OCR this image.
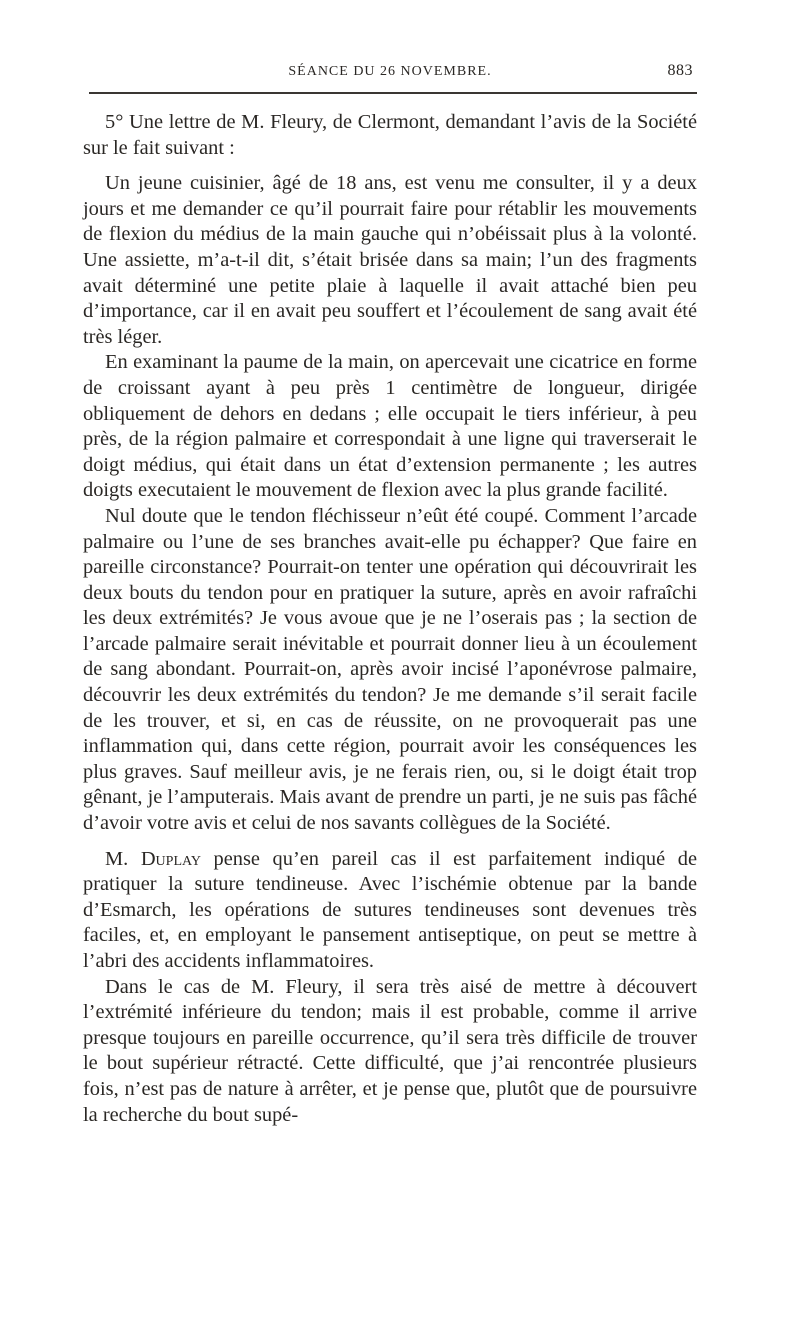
SÉANCE DU 26 NOVEMBRE.	883

5° Une lettre de M. Fleury, de Clermont, demandant l’avis de la Société sur le fait suivant :

Un jeune cuisinier, âgé de 18 ans, est venu me consulter, il y a deux jours et me demander ce qu’il pourrait faire pour rétablir les mouvements de flexion du médius de la main gauche qui n’obéissait plus à la volonté. Une assiette, m’a-t-il dit, s’était brisée dans sa main; l’un des fragments avait déterminé une petite plaie à laquelle il avait attaché bien peu d’importance, car il en avait peu souffert et l’écoulement de sang avait été très léger.

En examinant la paume de la main, on apercevait une cicatrice en forme de croissant ayant à peu près 1 centimètre de longueur, dirigée obliquement de dehors en dedans ; elle occupait le tiers inférieur, à peu près, de la région palmaire et correspondait à une ligne qui traverserait le doigt médius, qui était dans un état d’extension permanente ; les autres doigts executaient le mouvement de flexion avec la plus grande facilité.

Nul doute que le tendon fléchisseur n’eût été coupé. Comment l’arcade palmaire ou l’une de ses branches avait-elle pu échapper? Que faire en pareille circonstance? Pourrait-on tenter une opération qui découvrirait les deux bouts du tendon pour en pratiquer la suture, après en avoir rafraîchi les deux extrémités? Je vous avoue que je ne l’oserais pas ; la section de l’arcade palmaire serait inévitable et pourrait donner lieu à un écoulement de sang abondant. Pourrait-on, après avoir incisé l’aponévrose palmaire, découvrir les deux extrémités du tendon? Je me demande s’il serait facile de les trouver, et si, en cas de réussite, on ne provoquerait pas une inflammation qui, dans cette région, pourrait avoir les conséquences les plus graves. Sauf meilleur avis, je ne ferais rien, ou, si le doigt était trop gênant, je l’amputerais. Mais avant de prendre un parti, je ne suis pas fâché d’avoir votre avis et celui de nos savants collègues de la Société.

M. Duplay pense qu’en pareil cas il est parfaitement indiqué de pratiquer la suture tendineuse. Avec l’ischémie obtenue par la bande d’Esmarch, les opérations de sutures tendineuses sont devenues très faciles, et, en employant le pansement antiseptique, on peut se mettre à l’abri des accidents inflammatoires.

Dans le cas de M. Fleury, il sera très aisé de mettre à découvert l’extrémité inférieure du tendon; mais il est probable, comme il arrive presque toujours en pareille occurrence, qu’il sera très difficile de trouver le bout supérieur rétracté. Cette difficulté, que j’ai rencontrée plusieurs fois, n’est pas de nature à arrêter, et je pense que, plutôt que de poursuivre la recherche du bout supé-
